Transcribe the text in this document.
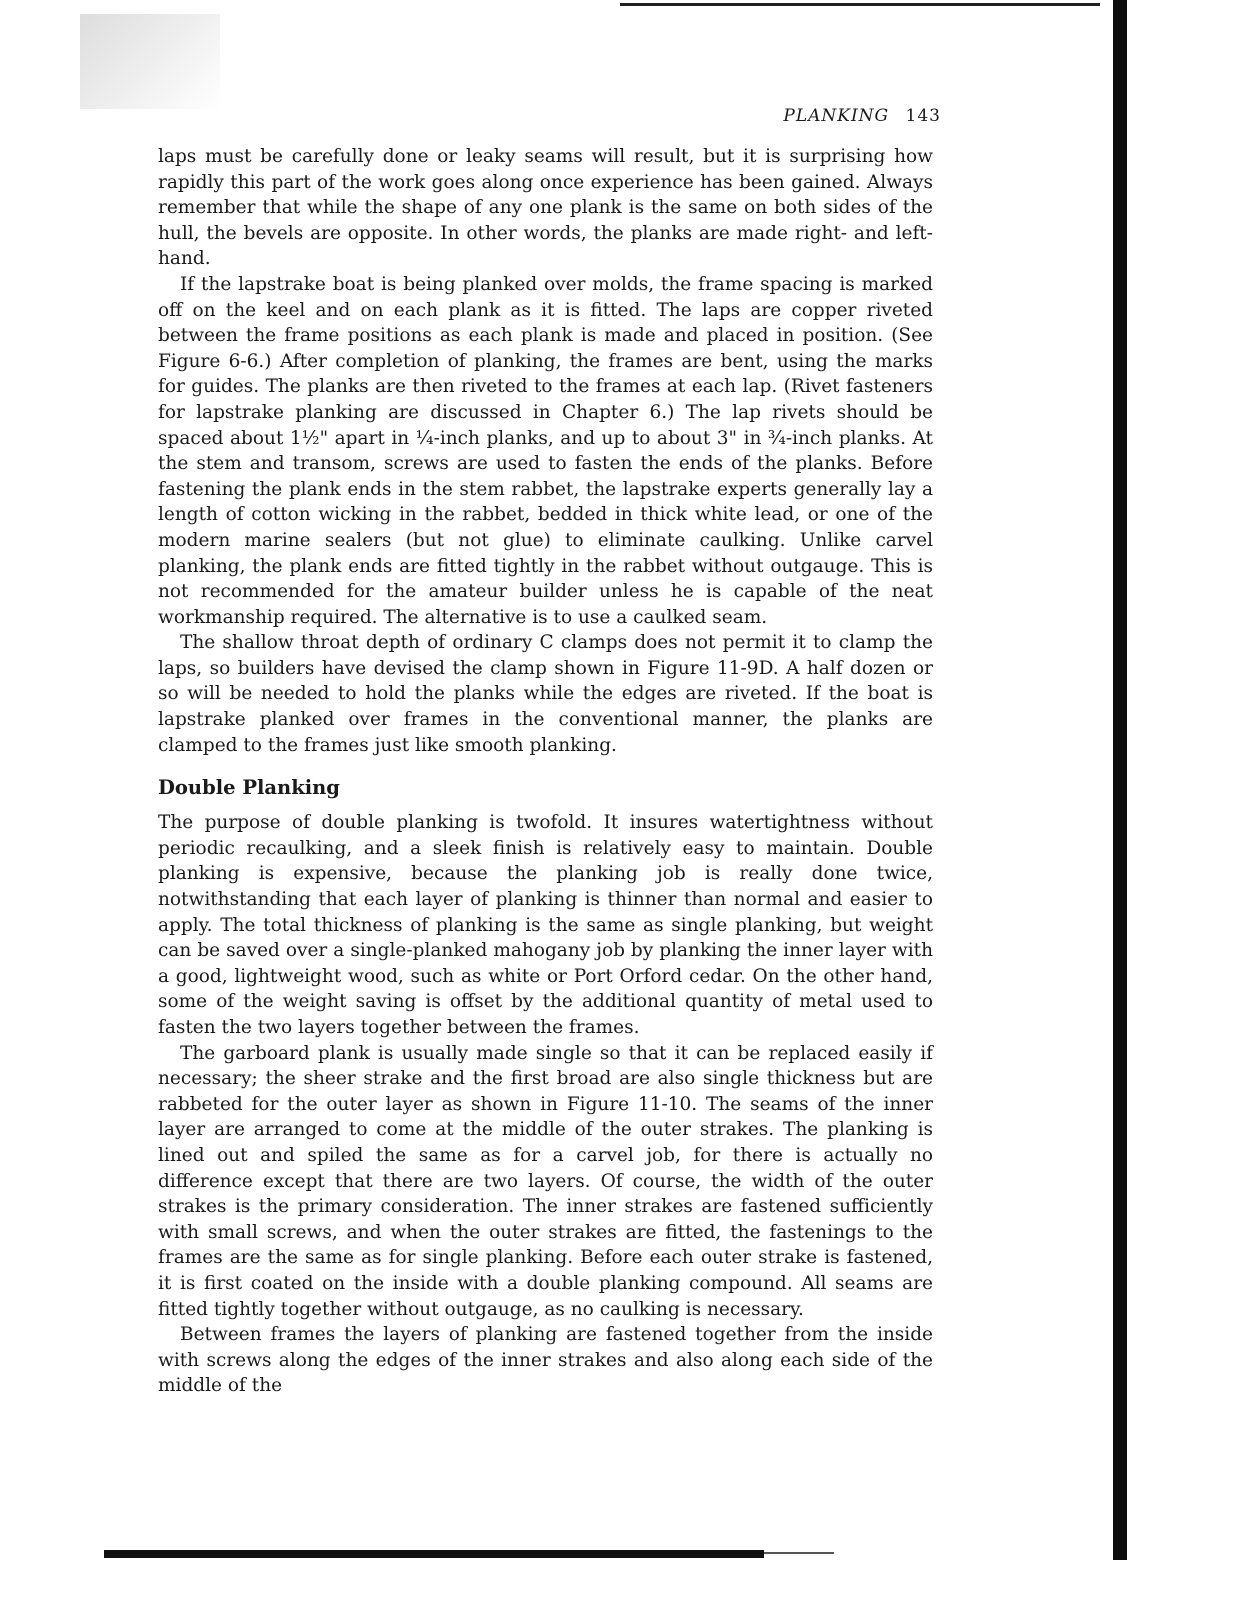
PLANKING 143

laps must be carefully done or leaky seams will result, but it is surprising how rapidly this part of the work goes along once experience has been gained. Always remember that while the shape of any one plank is the same on both sides of the hull, the bevels are opposite. In other words, the planks are made right- and left-hand.

If the lapstrake boat is being planked over molds, the frame spacing is marked off on the keel and on each plank as it is fitted. The laps are copper riveted between the frame positions as each plank is made and placed in position. (See Figure 6-6.) After completion of planking, the frames are bent, using the marks for guides. The planks are then riveted to the frames at each lap. (Rivet fasteners for lapstrake planking are discussed in Chapter 6.) The lap rivets should be spaced about 1½" apart in ¼-inch planks, and up to about 3" in ¾-inch planks. At the stem and transom, screws are used to fasten the ends of the planks. Before fastening the plank ends in the stem rabbet, the lapstrake experts generally lay a length of cotton wicking in the rabbet, bedded in thick white lead, or one of the modern marine sealers (but not glue) to eliminate caulking. Unlike carvel planking, the plank ends are fitted tightly in the rabbet without outgauge. This is not recommended for the amateur builder unless he is capable of the neat workmanship required. The alternative is to use a caulked seam.

The shallow throat depth of ordinary C clamps does not permit it to clamp the laps, so builders have devised the clamp shown in Figure 11-9D. A half dozen or so will be needed to hold the planks while the edges are riveted. If the boat is lapstrake planked over frames in the conventional manner, the planks are clamped to the frames just like smooth planking.

Double Planking

The purpose of double planking is twofold. It insures watertightness without periodic recaulking, and a sleek finish is relatively easy to maintain. Double planking is expensive, because the planking job is really done twice, notwithstanding that each layer of planking is thinner than normal and easier to apply. The total thickness of planking is the same as single planking, but weight can be saved over a single-planked mahogany job by planking the inner layer with a good, lightweight wood, such as white or Port Orford cedar. On the other hand, some of the weight saving is offset by the additional quantity of metal used to fasten the two layers together between the frames.

The garboard plank is usually made single so that it can be replaced easily if necessary; the sheer strake and the first broad are also single thickness but are rabbeted for the outer layer as shown in Figure 11-10. The seams of the inner layer are arranged to come at the middle of the outer strakes. The planking is lined out and spiled the same as for a carvel job, for there is actually no difference except that there are two layers. Of course, the width of the outer strakes is the primary consideration. The inner strakes are fastened sufficiently with small screws, and when the outer strakes are fitted, the fastenings to the frames are the same as for single planking. Before each outer strake is fastened, it is first coated on the inside with a double planking compound. All seams are fitted tightly together without outgauge, as no caulking is necessary.

Between frames the layers of planking are fastened together from the inside with screws along the edges of the inner strakes and also along each side of the middle of the
